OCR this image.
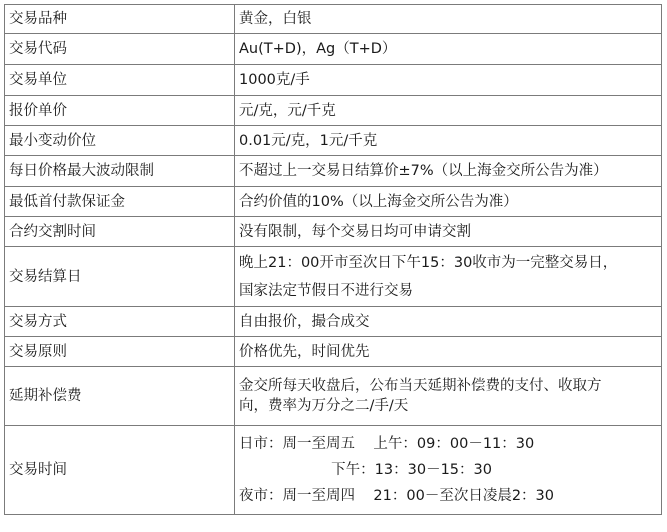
交易品种	黄金，白银

交易代码	Au(T+D)，Ag（T+D）

交易单位	1000克/手

报价单价	元/克，元/千克

最小变动价位	0.01元/克，1元/千克

每日价格最大波动限制	不超过上一交易日结算价±7%（以上海金交所公告为准）

最低首付款保证金	合约价值的10%（以上海金交所公告为准）

合约交割时间	没有限制，每个交易日均可申请交割

交易结算日	晚上21：00开市至次日下午15：30收市为一完整交易日，
国家法定节假日不进行交易

交易方式	自由报价，撮合成交

交易原则	价格优先，时间优先

延期补偿费	金交所每天收盘后，公布当天延期补偿费的支付、收取方
向，费率为万分之二/手/天

交易时间	日市：周一至周五    上午：09：00－11：30
下午：13：30－15：30
夜市：周一至周四    21：00－至次日凌晨2：30
